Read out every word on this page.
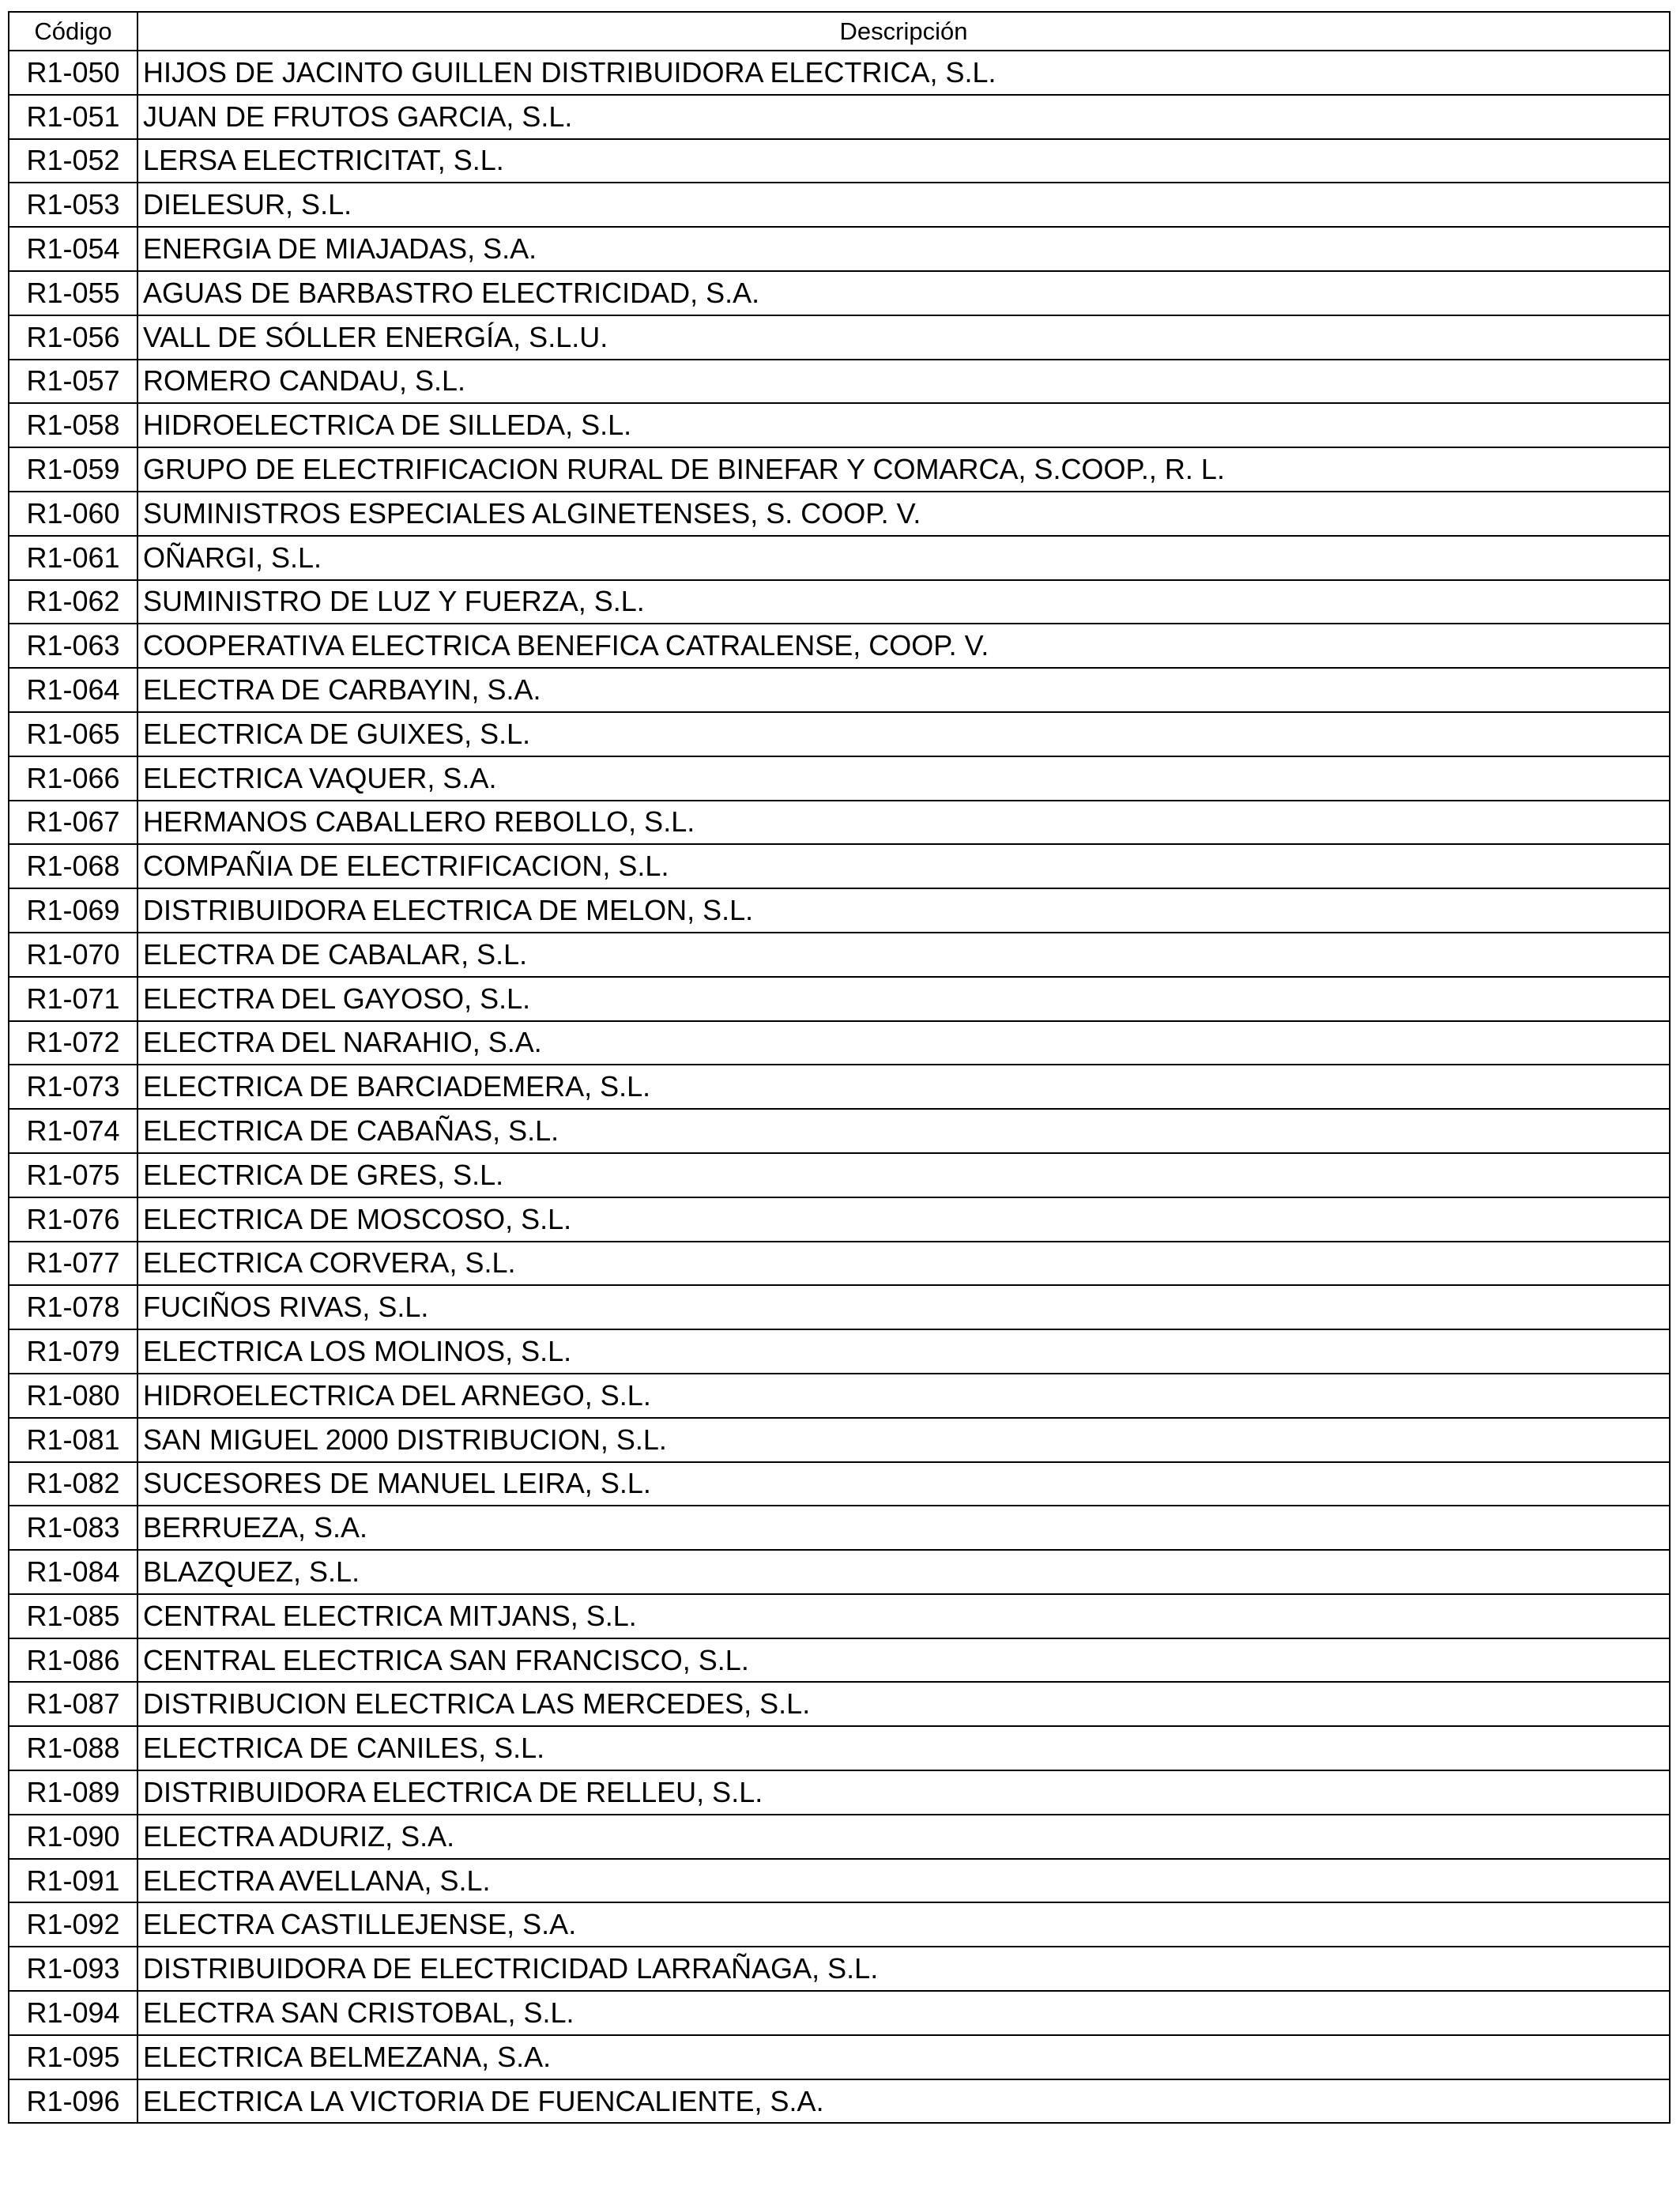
Código	Descripción
R1-050	HIJOS DE JACINTO GUILLEN DISTRIBUIDORA ELECTRICA, S.L.
R1-051	JUAN DE FRUTOS GARCIA, S.L.
R1-052	LERSA ELECTRICITAT, S.L.
R1-053	DIELESUR, S.L.
R1-054	ENERGIA DE MIAJADAS, S.A.
R1-055	AGUAS DE BARBASTRO ELECTRICIDAD, S.A.
R1-056	VALL DE SÓLLER ENERGÍA, S.L.U.
R1-057	ROMERO CANDAU, S.L.
R1-058	HIDROELECTRICA DE SILLEDA, S.L.
R1-059	GRUPO DE ELECTRIFICACION RURAL DE BINEFAR Y COMARCA, S.COOP., R. L.
R1-060	SUMINISTROS ESPECIALES ALGINETENSES, S. COOP. V.
R1-061	OÑARGI, S.L.
R1-062	SUMINISTRO DE LUZ Y FUERZA, S.L.
R1-063	COOPERATIVA ELECTRICA BENEFICA CATRALENSE, COOP. V.
R1-064	ELECTRA DE CARBAYIN, S.A.
R1-065	ELECTRICA DE GUIXES, S.L.
R1-066	ELECTRICA VAQUER, S.A.
R1-067	HERMANOS CABALLERO REBOLLO, S.L.
R1-068	COMPAÑIA DE ELECTRIFICACION, S.L.
R1-069	DISTRIBUIDORA ELECTRICA DE MELON, S.L.
R1-070	ELECTRA DE CABALAR, S.L.
R1-071	ELECTRA DEL GAYOSO, S.L.
R1-072	ELECTRA DEL NARAHIO, S.A.
R1-073	ELECTRICA DE BARCIADEMERA, S.L.
R1-074	ELECTRICA DE CABAÑAS, S.L.
R1-075	ELECTRICA DE GRES, S.L.
R1-076	ELECTRICA DE MOSCOSO, S.L.
R1-077	ELECTRICA CORVERA, S.L.
R1-078	FUCIÑOS RIVAS, S.L.
R1-079	ELECTRICA LOS MOLINOS, S.L.
R1-080	HIDROELECTRICA DEL ARNEGO, S.L.
R1-081	SAN MIGUEL 2000 DISTRIBUCION, S.L.
R1-082	SUCESORES DE MANUEL LEIRA, S.L.
R1-083	BERRUEZA, S.A.
R1-084	BLAZQUEZ, S.L.
R1-085	CENTRAL ELECTRICA MITJANS, S.L.
R1-086	CENTRAL ELECTRICA SAN FRANCISCO, S.L.
R1-087	DISTRIBUCION ELECTRICA LAS MERCEDES, S.L.
R1-088	ELECTRICA DE CANILES, S.L.
R1-089	DISTRIBUIDORA ELECTRICA DE RELLEU, S.L.
R1-090	ELECTRA ADURIZ, S.A.
R1-091	ELECTRA AVELLANA, S.L.
R1-092	ELECTRA CASTILLEJENSE, S.A.
R1-093	DISTRIBUIDORA DE ELECTRICIDAD LARRAÑAGA, S.L.
R1-094	ELECTRA SAN CRISTOBAL, S.L.
R1-095	ELECTRICA BELMEZANA, S.A.
R1-096	ELECTRICA LA VICTORIA DE FUENCALIENTE, S.A.
